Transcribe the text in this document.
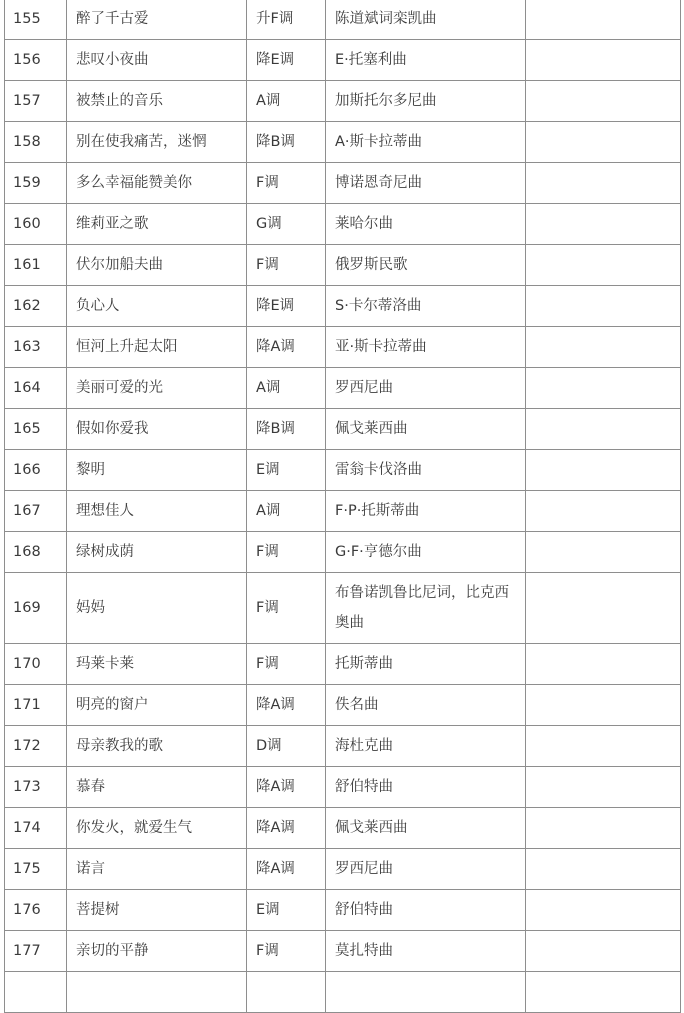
155	醉了千古爱	升F调	陈道斌词栾凯曲	
156	悲叹小夜曲	降E调	E·托塞利曲	
157	被禁止的音乐	A调	加斯托尔多尼曲	
158	别在使我痛苦，迷惘	降B调	A·斯卡拉蒂曲	
159	多么幸福能赞美你	F调	博诺恩奇尼曲	
160	维莉亚之歌	G调	莱哈尔曲	
161	伏尔加船夫曲	F调	俄罗斯民歌	
162	负心人	降E调	S·卡尔蒂洛曲	
163	恒河上升起太阳	降A调	亚·斯卡拉蒂曲	
164	美丽可爱的光	A调	罗西尼曲	
165	假如你爱我	降B调	佩戈莱西曲	
166	黎明	E调	雷翁卡伐洛曲	
167	理想佳人	A调	F·P·托斯蒂曲	
168	绿树成荫	F调	G·F·亨德尔曲	
169	妈妈	F调	布鲁诺凯鲁比尼词，比克西奥曲	
170	玛莱卡莱	F调	托斯蒂曲	
171	明亮的窗户	降A调	佚名曲	
172	母亲教我的歌	D调	海杜克曲	
173	慕春	降A调	舒伯特曲	
174	你发火，就爱生气	降A调	佩戈莱西曲	
175	诺言	降A调	罗西尼曲	
176	菩提树	E调	舒伯特曲	
177	亲切的平静	F调	莫扎特曲	
